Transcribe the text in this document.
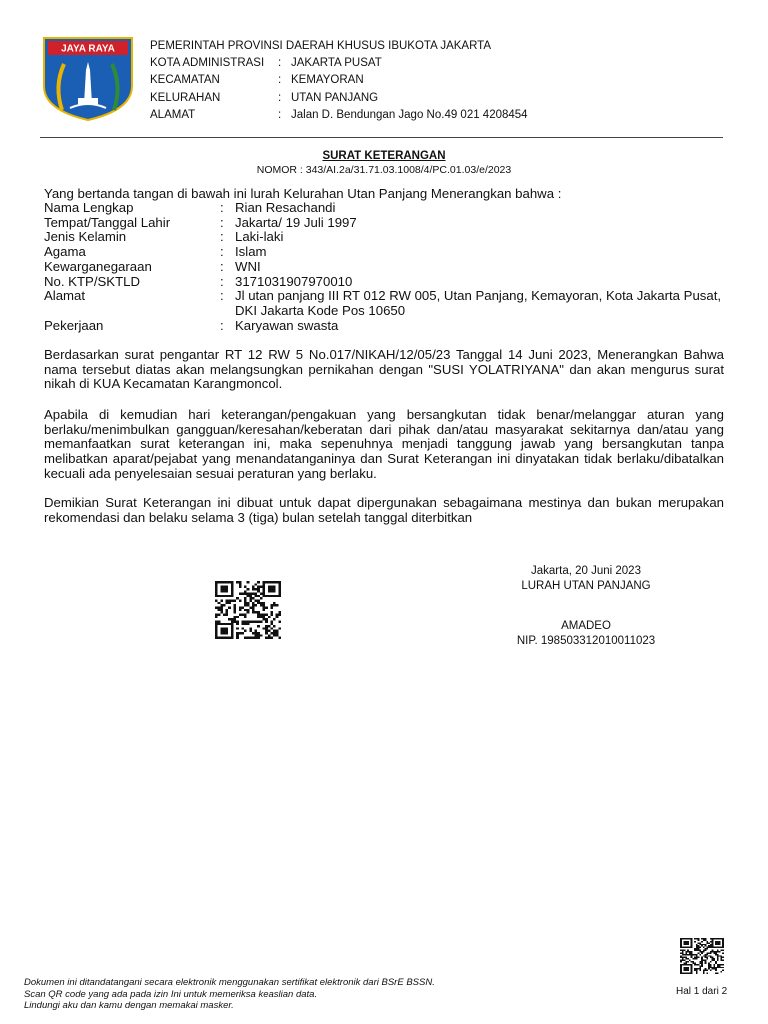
JAYA RAYA	PEMERINTAH PROVINSI DAERAH KHUSUS IBUKOTA JAKARTA
KOTA ADMINISTRASI	: JAKARTA PUSAT
KECAMATAN	: KEMAYORAN
KELURAHAN	: UTAN PANJANG
ALAMAT	: Jalan D. Bendungan Jago No.49 021 4208454
SURAT KETERANGAN
NOMOR : 343/AI.2a/31.71.03.1008/4/PC.01.03/e/2023
Yang bertanda tangan di bawah ini lurah Kelurahan Utan Panjang Menerangkan bahwa :
Nama Lengkap	: Rian Resachandi
Tempat/Tanggal Lahir	: Jakarta/ 19 Juli 1997
Jenis Kelamin	: Laki-laki
Agama	: Islam
Kewarganegaraan	: WNI
No. KTP/SKTLD	: 3171031907970010
Alamat	: Jl utan panjang III RT 012 RW 005, Utan Panjang, Kemayoran, Kota Jakarta Pusat, DKI Jakarta Kode Pos 10650
Pekerjaan	: Karyawan swasta

Berdasarkan surat pengantar RT 12 RW 5 No.017/NIKAH/12/05/23 Tanggal 14 Juni 2023, Menerangkan Bahwa nama tersebut diatas akan melangsungkan pernikahan dengan "SUSI YOLATRIYANA" dan akan mengurus surat nikah di KUA Kecamatan Karangmoncol.

Apabila di kemudian hari keterangan/pengakuan yang bersangkutan tidak benar/melanggar aturan yang berlaku/menimbulkan gangguan/keresahan/keberatan dari pihak dan/atau masyarakat sekitarnya dan/atau yang memanfaatkan surat keterangan ini, maka sepenuhnya menjadi tanggung jawab yang bersangkutan tanpa melibatkan aparat/pejabat yang menandatanganinya dan Surat Keterangan ini dinyatakan tidak berlaku/dibatalkan kecuali ada penyelesaian sesuai peraturan yang berlaku.

Demikian Surat Keterangan ini dibuat untuk dapat dipergunakan sebagaimana mestinya dan bukan merupakan rekomendasi dan belaku selama 3 (tiga) bulan setelah tanggal diterbitkan

Jakarta, 20 Juni 2023
LURAH UTAN PANJANG
AMADEO
NIP. 198503312010011023
Dokumen ini ditandatangani secara elektronik menggunakan sertifikat elektronik dari BSrE BSSN.
Scan QR code yang ada pada izin Ini untuk memeriksa keaslian data.
Lindungi aku dan kamu dengan memakai masker.
Hal 1 dari 2
